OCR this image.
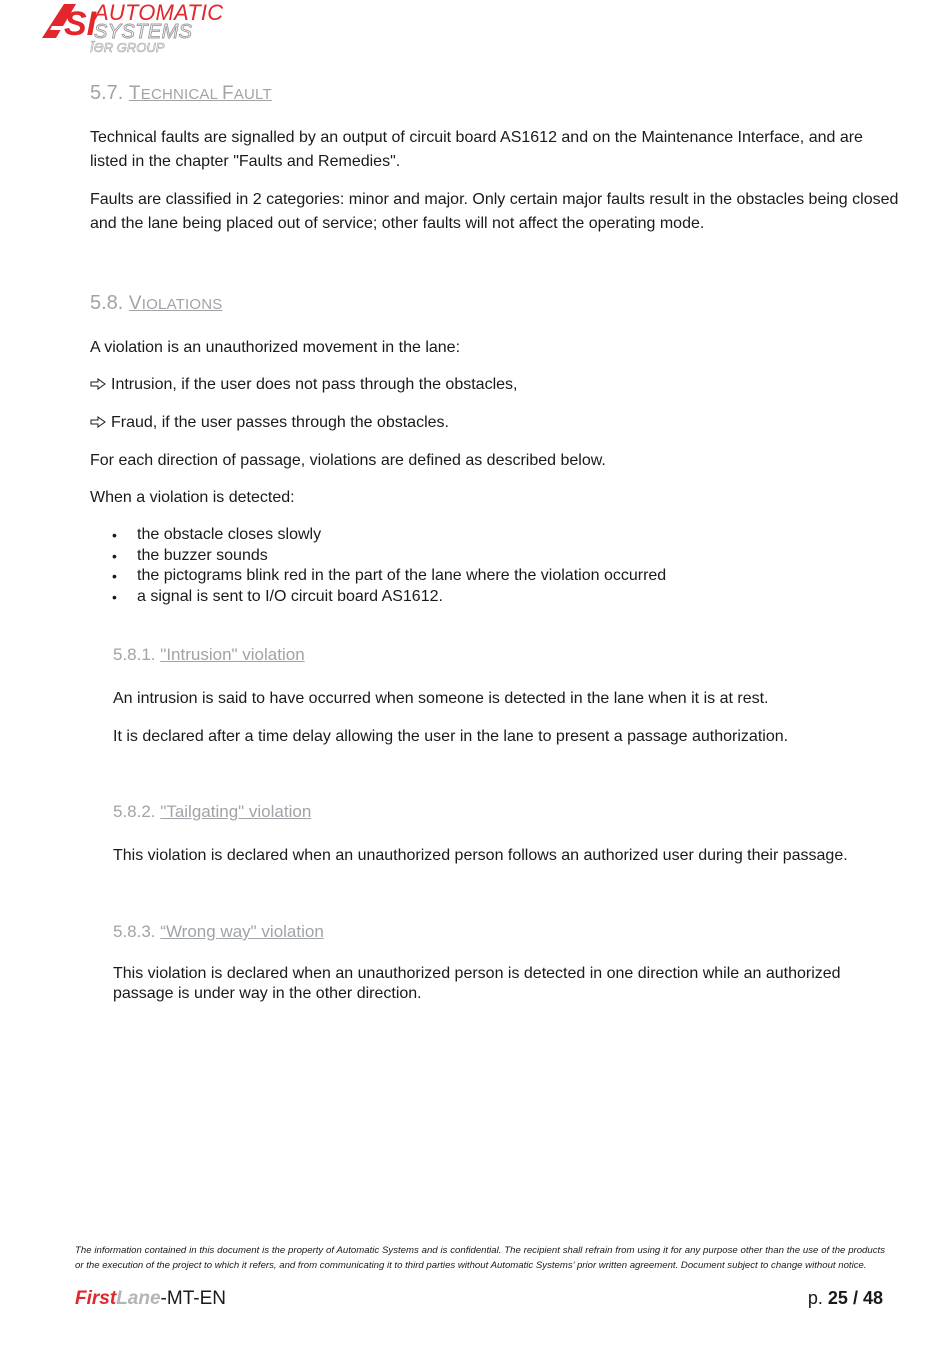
SI
AUTOMATIC
SYSTEMS
ĪƏR GROUP
5.7. TECHNICAL FAULT

Technical faults are signalled by an output of circuit board AS1612 and on the Maintenance Interface, and are listed in the chapter "Faults and Remedies".

Faults are classified in 2 categories: minor and major. Only certain major faults result in the obstacles being closed and the lane being placed out of service; other faults will not affect the operating mode.

5.8. VIOLATIONS

A violation is an unauthorized movement in the lane:

Intrusion, if the user does not pass through the obstacles,

Fraud, if the user passes through the obstacles.

For each direction of passage, violations are defined as described below.

When a violation is detected:

• the obstacle closes slowly
• the buzzer sounds
• the pictograms blink red in the part of the lane where the violation occurred
• a signal is sent to I/O circuit board AS1612.
5.8.1. "Intrusion" violation

An intrusion is said to have occurred when someone is detected in the lane when it is at rest.

It is declared after a time delay allowing the user in the lane to present a passage authorization.

5.8.2. "Tailgating" violation

This violation is declared when an unauthorized person follows an authorized user during their passage.

5.8.3. “Wrong way" violation

This violation is declared when an unauthorized person is detected in one direction while an authorized passage is under way in the other direction.

The information contained in this document is the property of Automatic Systems and is confidential. The recipient shall refrain from using it for any purpose other than the use of the products or the execution of the project to which it refers, and from communicating it to third parties without Automatic Systems’ prior written agreement. Document subject to change without notice.

FirstLane-MT-EN	p. 25 / 48
